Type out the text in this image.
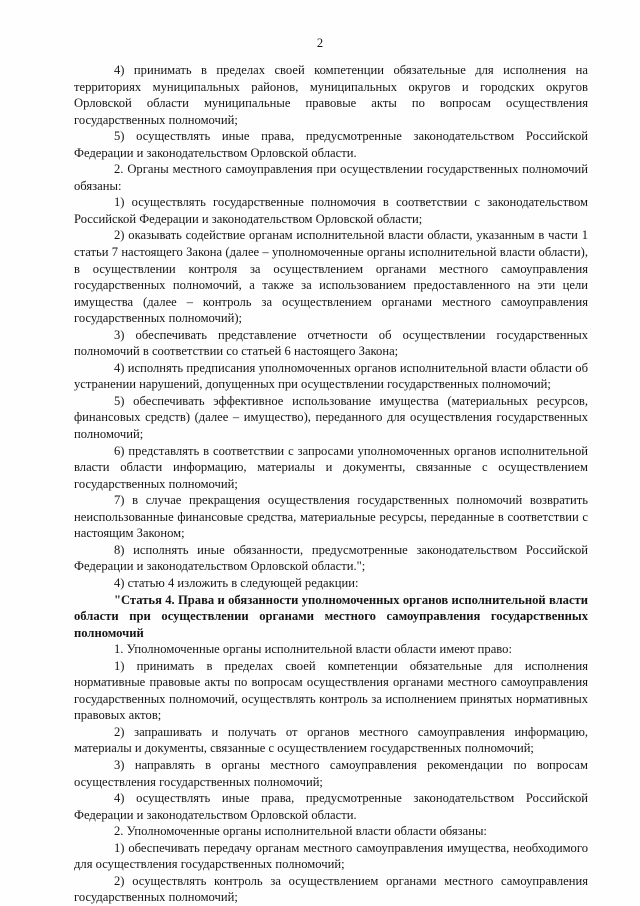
2

4) принимать в пределах своей компетенции обязательные для исполнения на территориях муниципальных районов, муниципальных округов и городских округов Орловской области муниципальные правовые акты по вопросам осуществления государственных полномочий;

5) осуществлять иные права, предусмотренные законодательством Российской Федерации и законодательством Орловской области.

2. Органы местного самоуправления при осуществлении государственных полномочий обязаны:

1) осуществлять государственные полномочия в соответствии с законодательством Российской Федерации и законодательством Орловской области;

2) оказывать содействие органам исполнительной власти области, указанным в части 1 статьи 7 настоящего Закона (далее – уполномоченные органы исполнительной власти области), в осуществлении контроля за осуществлением органами местного самоуправления государственных полномочий, а также за использованием предоставленного на эти цели имущества (далее – контроль за осуществлением органами местного самоуправления государственных полномочий);

3) обеспечивать представление отчетности об осуществлении государственных полномочий в соответствии со статьей 6 настоящего Закона;

4) исполнять предписания уполномоченных органов исполнительной власти области об устранении нарушений, допущенных при осуществлении государственных полномочий;

5) обеспечивать эффективное использование имущества (материальных ресурсов, финансовых средств) (далее – имущество), переданного для осуществления государственных полномочий;

6) представлять в соответствии с запросами уполномоченных органов исполнительной власти области информацию, материалы и документы, связанные с осуществлением государственных полномочий;

7) в случае прекращения осуществления государственных полномочий возвратить неиспользованные финансовые средства, материальные ресурсы, переданные в соответствии с настоящим Законом;

8) исполнять иные обязанности, предусмотренные законодательством Российской Федерации и законодательством Орловской области.";

4) статью 4 изложить в следующей редакции:

"Статья 4. Права и обязанности уполномоченных органов исполнительной власти области при осуществлении органами местного самоуправления государственных полномочий

1. Уполномоченные органы исполнительной власти области имеют право:

1) принимать в пределах своей компетенции обязательные для исполнения нормативные правовые акты по вопросам осуществления органами местного самоуправления государственных полномочий, осуществлять контроль за исполнением принятых нормативных правовых актов;

2) запрашивать и получать от органов местного самоуправления информацию, материалы и документы, связанные с осуществлением государственных полномочий;

3) направлять в органы местного самоуправления рекомендации по вопросам осуществления государственных полномочий;

4) осуществлять иные права, предусмотренные законодательством Российской Федерации и законодательством Орловской области.

2. Уполномоченные органы исполнительной власти области обязаны:

1) обеспечивать передачу органам местного самоуправления имущества, необходимого для осуществления государственных полномочий;

2) осуществлять контроль за осуществлением органами местного самоуправления государственных полномочий;
